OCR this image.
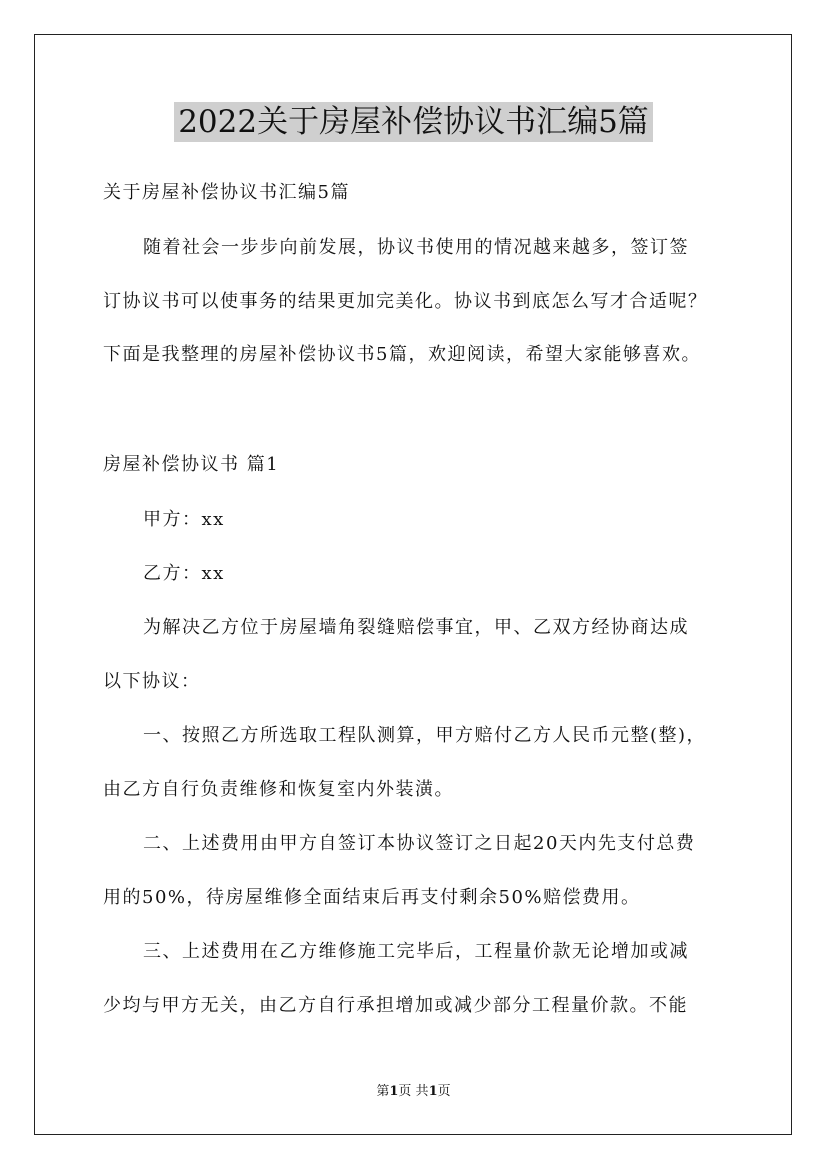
2022关于房屋补偿协议书汇编5篇
关于房屋补偿协议书汇编5篇
随着社会一步步向前发展，协议书使用的情况越来越多，签订签
订协议书可以使事务的结果更加完美化。协议书到底怎么写才合适呢？
下面是我整理的房屋补偿协议书5篇，欢迎阅读，希望大家能够喜欢。
房屋补偿协议书 篇1
甲方：xx
乙方：xx
为解决乙方位于房屋墙角裂缝赔偿事宜，甲、乙双方经协商达成
以下协议：
一、按照乙方所选取工程队测算，甲方赔付乙方人民币元整(整)，
由乙方自行负责维修和恢复室内外装潢。
二、上述费用由甲方自签订本协议签订之日起20天内先支付总费
用的50%，待房屋维修全面结束后再支付剩余50%赔偿费用。
三、上述费用在乙方维修施工完毕后，工程量价款无论增加或减
少均与甲方无关，由乙方自行承担增加或减少部分工程量价款。不能
第1页 共1页
